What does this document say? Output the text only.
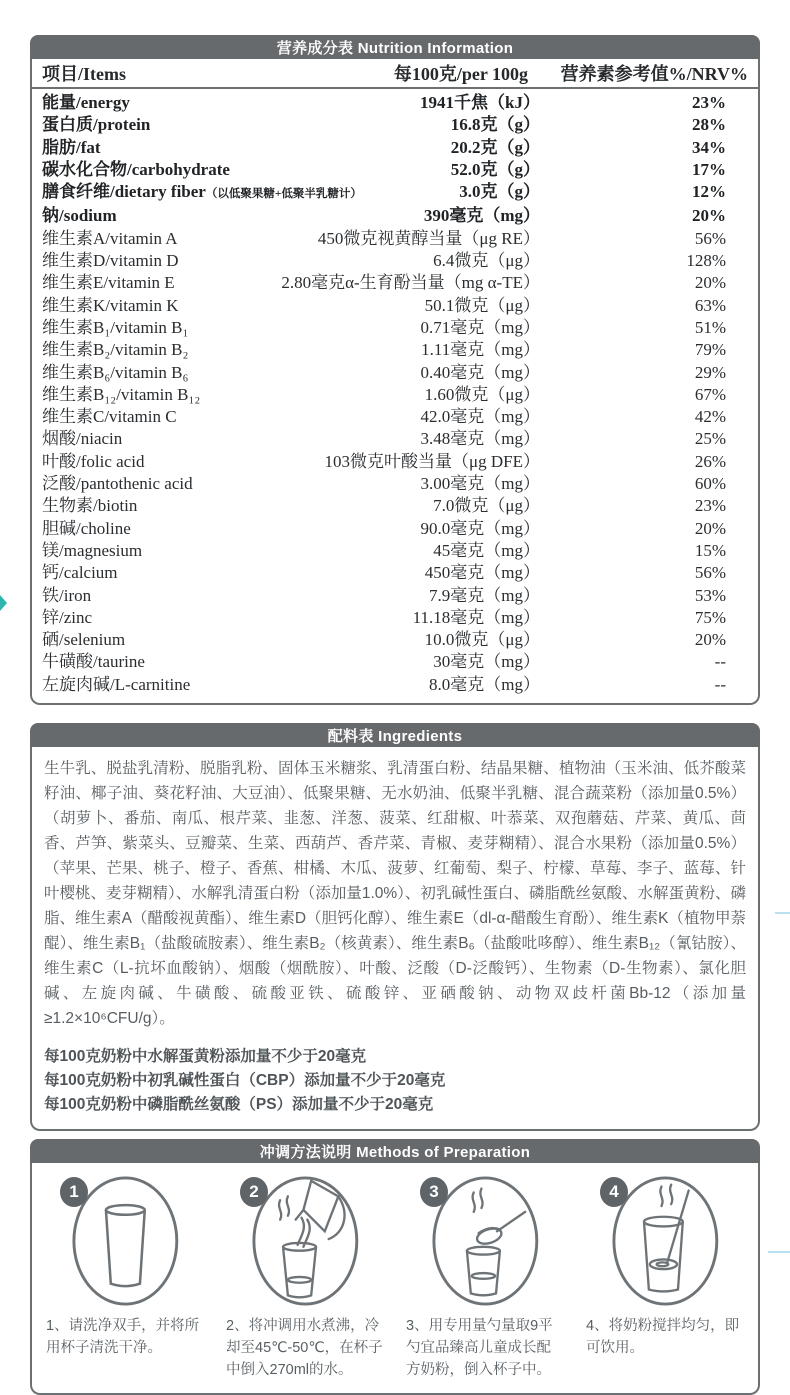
营养成分表 Nutrition Information
项目/Items	每100克/per 100g	营养素参考值%/NRV%
能量/energy	1941千焦（kJ）	23%
蛋白质/protein	16.8克（g）	28%
脂肪/fat	20.2克（g）	34%
碳水化合物/carbohydrate	52.0克（g）	17%
膳食纤维/dietary fiber（以低聚果糖+低聚半乳糖计）	3.0克（g）	12%
钠/sodium	390毫克（mg）	20%
维生素A/vitamin A	450微克视黄醇当量（μg RE）	56%
维生素D/vitamin D	6.4微克（μg）	128%
维生素E/vitamin E	2.80毫克α-生育酚当量（mg α-TE）	20%
维生素K/vitamin K	50.1微克（μg）	63%
维生素B₁/vitamin B₁	0.71毫克（mg）	51%
维生素B₂/vitamin B₂	1.11毫克（mg）	79%
维生素B₆/vitamin B₆	0.40毫克（mg）	29%
维生素B₁₂/vitamin B₁₂	1.60微克（μg）	67%
维生素C/vitamin C	42.0毫克（mg）	42%
烟酸/niacin	3.48毫克（mg）	25%
叶酸/folic acid	103微克叶酸当量（μg DFE）	26%
泛酸/pantothenic acid	3.00毫克（mg）	60%
生物素/biotin	7.0微克（μg）	23%
胆碱/choline	90.0毫克（mg）	20%
镁/magnesium	45毫克（mg）	15%
钙/calcium	450毫克（mg）	56%
铁/iron	7.9毫克（mg）	53%
锌/zinc	11.18毫克（mg）	75%
硒/selenium	10.0微克（μg）	20%
牛磺酸/taurine	30毫克（mg）	--
左旋肉碱/L-carnitine	8.0毫克（mg）	--
配料表 Ingredients

生牛乳、脱盐乳清粉、脱脂乳粉、固体玉米糖浆、乳清蛋白粉、结晶果糖、植物油（玉米油、低芥酸菜籽油、椰子油、葵花籽油、大豆油）、低聚果糖、无水奶油、低聚半乳糖、混合蔬菜粉（添加量0.5%）（胡萝卜、番茄、南瓜、根芹菜、韭葱、洋葱、菠菜、红甜椒、叶菾菜、双孢蘑菇、芹菜、黄瓜、茴香、芦笋、紫菜头、豆瓣菜、生菜、西葫芦、香芹菜、青椒、麦芽糊精）、混合水果粉（添加量0.5%）（苹果、芒果、桃子、橙子、香蕉、柑橘、木瓜、菠萝、红葡萄、梨子、柠檬、草莓、李子、蓝莓、针叶樱桃、麦芽糊精）、水解乳清蛋白粉（添加量1.0%）、初乳碱性蛋白、磷脂酰丝氨酸、水解蛋黄粉、磷脂、维生素A（醋酸视黄酯）、维生素D（胆钙化醇）、维生素E（dl-α-醋酸生育酚）、维生素K（植物甲萘醌）、维生素B₁（盐酸硫胺素）、维生素B₂（核黄素）、维生素B₆（盐酸吡哆醇）、维生素B₁₂（氰钴胺）、维生素C（L-抗坏血酸钠）、烟酸（烟酰胺）、叶酸、泛酸（D-泛酸钙）、生物素（D-生物素）、氯化胆碱、左旋肉碱、牛磺酸、硫酸亚铁、硫酸锌、亚硒酸钠、动物双歧杆菌Bb-12（添加量≥1.2×10⁶CFU/g）。

每100克奶粉中水解蛋黄粉添加量不少于20毫克

每100克奶粉中初乳碱性蛋白（CBP）添加量不少于20毫克

每100克奶粉中磷脂酰丝氨酸（PS）添加量不少于20毫克

冲调方法说明 Methods of Preparation
1

1、请洗净双手，并将所用杯子清洗干净。

2

2、将冲调用水煮沸，冷却至45℃-50℃，在杯子中倒入270ml的水。

3

3、用专用量勺量取9平勺宜品臻高儿童成长配方奶粉，倒入杯子中。

4

4、将奶粉搅拌均匀，即可饮用。
